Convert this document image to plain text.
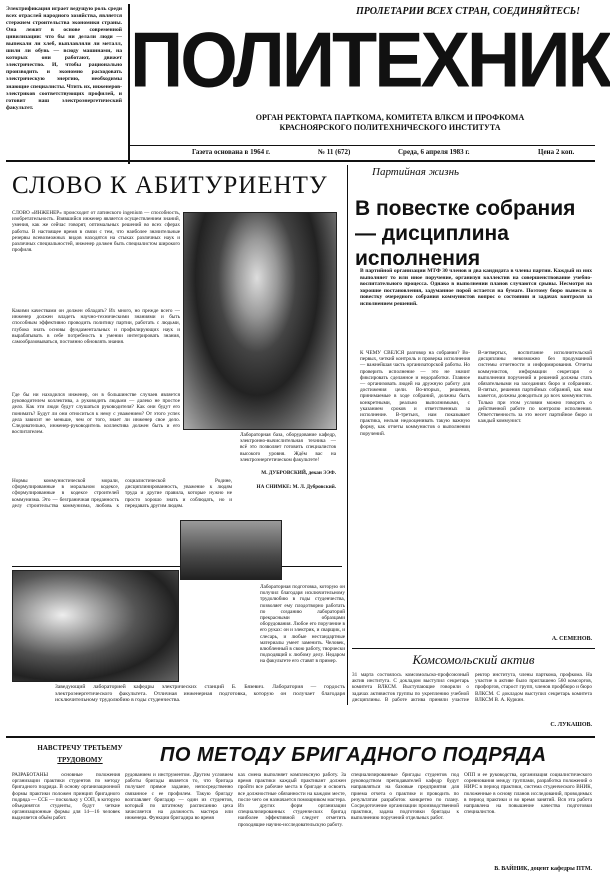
Электрификация играет ведущую роль среди всех отраслей народного хозяйства, является стержнем строительства экономики страны. Она лежит в основе современной цивилизации: что бы ни делали люди — выпекали ли хлеб, выплавляли ли металл, шили ли обувь — всюду машинами, на которых они работают, движет электричество. И, чтобы рационально производить и экономно расходовать электрическую энергию, необходимы знающие специалисты. Чтить их, инженеров-электриков соответствующих профилей, и готовит наш электроэнергетический факультет.
ПРОЛЕТАРИИ ВСЕХ СТРАН, СОЕДИНЯЙТЕСЬ!
ПОЛИТЕХНИК
ОРГАН РЕКТОРАТА ПАРТКОМА, КОМИТЕТА ВЛКСМ И ПРОФКОМА
КРАСНОЯРСКОГО ПОЛИТЕХНИЧЕСКОГО ИНСТИТУТА
Газета основана в 1964 г.	№ 11 (672)	Среда, 6 апреля 1983 г.	Цена 2 коп.
СЛОВО К АБИТУРИЕНТУ
СЛОВО «ИНЖЕНЕР» происходит от латинского ingenium — способность, изобретательность. Взявшийся инженер является осуществлением знаний, умения, как же сейчас говорят, оптимальных решений во всех сферах работы. В настоящее время в связи с тем, что наиболее значительные резервы всевозможных видов находятся на стыках различных наук и различных специальностей, инженер должен быть специалистом широкого профиля.
Какими качествами он должен обладать? Их много, но прежде всего — инженер должен владеть научно-техническими знаниями и быть способным эффективно проводить политику партии, работать с людьми, глубоко знать основы фундаментальных и профилирующих наук и вырабатывать в себе потребность в умении интегрировать знания, самообразовываться, постоянно обновлять знания.
Где бы ни находился инженер, он в большинстве случаев является руководителем коллектива, а руководить людьми — далеко не простое дело. Как эти люди будут слушаться руководителя? Как они будут его понимать? Будут ли они относиться к нему с уважением? От этого успех дела зависит не меньше, чем от того, знает ли инженер свое дело. Следовательно, инженер-руководитель коллектива должен быть и его воспитателем.
Нормы коммунистической морали, сформулированные в моральном кодексе, сформулированные в кодексе строителей коммунизма. Это — безграничная преданность делу строительства коммунизма, любовь к социалистической Родине, дисциплинированность, уважение к людям труда и другие правила, которые нужно не просто хорошо знать и соблюдать, но и передавать другим людям.
Лабораторная база, оборудование кафедр, электронно-вычислительная техника — всё это позволяет готовить специалистов высокого уровня. Ждём вас на электроэнергетическом факультете!
М. ДУБРОВСКИЙ, декан ЭЭФ.
НА СНИМКЕ: М. Л. Дубровский.
Заведующий лабораторией кафедры электрических станций Б. Бязевич. Лаборатория — гордость электроэнергетического факультета. Отличная инженерная подготовка, которую он получает благодаря исключительному трудолюбию в годы студенчества.
Лабораторная подготовка, которую он получил благодаря исключительному трудолюбию в годы студенчества, позволяет ему плодотворно работать по созданию лабораторий прекрасными образцами оборудования. Любое его поручение в его руках: он и электрик, и сварщик, и слесарь, и любые нестандартные материалы умеет заменить. Человек, влюбленный в свою работу, творчески подходящий к любому делу. Недаром на факультете его ставят в пример.
Партийная жизнь
В повестке собрания — дисциплина исполнения
В партийной организации МТФ 30 членов и два кандидата в члены партии. Каждый из них выполняет то или иное поручение, организуя коллектив на совершенствование учебно-воспитательного процесса. Однако в выполнении планов случаются срывы. Несмотря на хорошие постановления, задуманное порой остается на бумаге. Поэтому бюро вынесло в повестку очередного собрания коммунистов вопрос о состоянии и задачах контроля за исполнением решений.
К ЧЕМУ СВЕЛСЯ разговор на собрании? Во-первых, четкий контроль и проверка исполнения — важнейшая часть организаторской работы. Но проверить исполнение — это не значит фиксировать сделанное и недоработки. Главное — организовать людей на дружную работу для достижения цели. Во-вторых, решения, принимаемые в ходе собраний, должны быть конкретными, реально выполнимыми, с указанием сроков и ответственных за исполнение. В-третьих, нам показывает практика, нельзя недооценивать такую важную форму, как отчеты коммунистов о выполнении поручений.
В-четвертых, воспитание исполнительской дисциплины невозможно без продуманной системы отчетности и информирования. Отчеты коммунистов, информации секретаря о выполнении поручений и решений должны стать обязательными на заседаниях бюро и собраниях. В-пятых, решения партийных собраний, как нам кажется, должны доводиться до всех коммунистов. Только при этом условии можно говорить о действенной работе по контролю исполнения. Ответственность за это несет партийное бюро и каждый коммунист.
А. СЕМЕНОВ.
Комсомольский актив
31 марта состоялось комсомольско-профсоюзный актив института. С докладом выступил секретарь комитета ВЛКСМ. Выступающие говорили о задачах активистов группы по укреплению учебной дисциплины. В работе актива приняли участие ректор института, члены парткома, профкома. На участие в активе было приглашено 560 комсоргов, профоргов, старост групп, членов профбюро и бюро ВЛКСМ. С докладом выступил секретарь комитета ВЛКСМ В. А. Куркин.
С. ЛУКАШОВ.
НАВСТРЕЧУ ТРЕТЬЕМУ
ТРУДОВОМУ	ПО МЕТОДУ БРИГАДНОГО ПОДРЯДА
РАЗРАБОТАНЫ основные положения организации практики студентов по методу бригадного подряда. В основу организационной формы практики положен принцип бригадного подряда — ССБ — поскольку у СОП, в которую объединятся студенты, будут четкие организационные формы для 14—16 человек выделяется объём работ.
рудованием и инструментом. Другим условием работы бригады является то, что бригада получает прямое задание, непосредственно связанное с ее профилем. Такую бригаду возглавляет бригадир — один из студентов, который по штатному расписанию цеха зачисляется на должность мастера или инженера. Функции бригадира во время
ках смена выполняет комплексную работу. За время практики каждый практикант должен пройти все рабочие места в бригаде и освоить все должностные обязанности на каждом месте, после чего он назначается помощником мастера. Из других форм организации специализированных студенческих бригад наиболее эффективной следует отметить проходящие научно-исследовательскую работу.
специализированные бригады студентов под руководством преподавателей кафедр будут направляться на базовые предприятия для приема отчета о практике и проводить по результатам разработок конкретно по плану. Сосредоточение организации производственной практики, задача подготовки бригады к выполнению поручений отдельных работ.
ОПП и ее руководства, организация социалистического соревнования между группами, разработка положений о НИРС в период практики, система студенческого ВНИК, положенные в основу планов исследований, проводимых в период практики и во время занятий. Вся эта работа направлена на повышение качества подготовки специалистов.
В. ВАЙНИК, доцент кафедры ПТМ.
